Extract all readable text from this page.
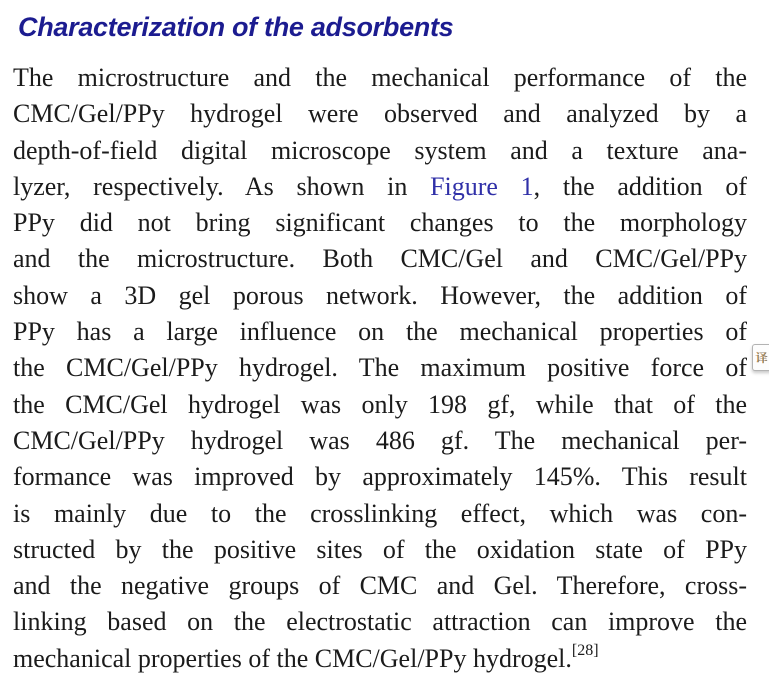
Characterization of the adsorbents
The microstructure and the mechanical performance of the
CMC/Gel/PPy hydrogel were observed and analyzed by a
depth-of-field digital microscope system and a texture ana-
lyzer, respectively. As shown in Figure 1, the addition of
PPy did not bring significant changes to the morphology
and the microstructure. Both CMC/Gel and CMC/Gel/PPy
show a 3D gel porous network. However, the addition of
PPy has a large influence on the mechanical properties of
the CMC/Gel/PPy hydrogel. The maximum positive force of
the CMC/Gel hydrogel was only 198 gf, while that of the
CMC/Gel/PPy hydrogel was 486 gf. The mechanical per-
formance was improved by approximately 145%. This result
is mainly due to the crosslinking effect, which was con-
structed by the positive sites of the oxidation state of PPy
and the negative groups of CMC and Gel. Therefore, cross-
linking based on the electrostatic attraction can improve the
mechanical properties of the CMC/Gel/PPy hydrogel.[28]
译
